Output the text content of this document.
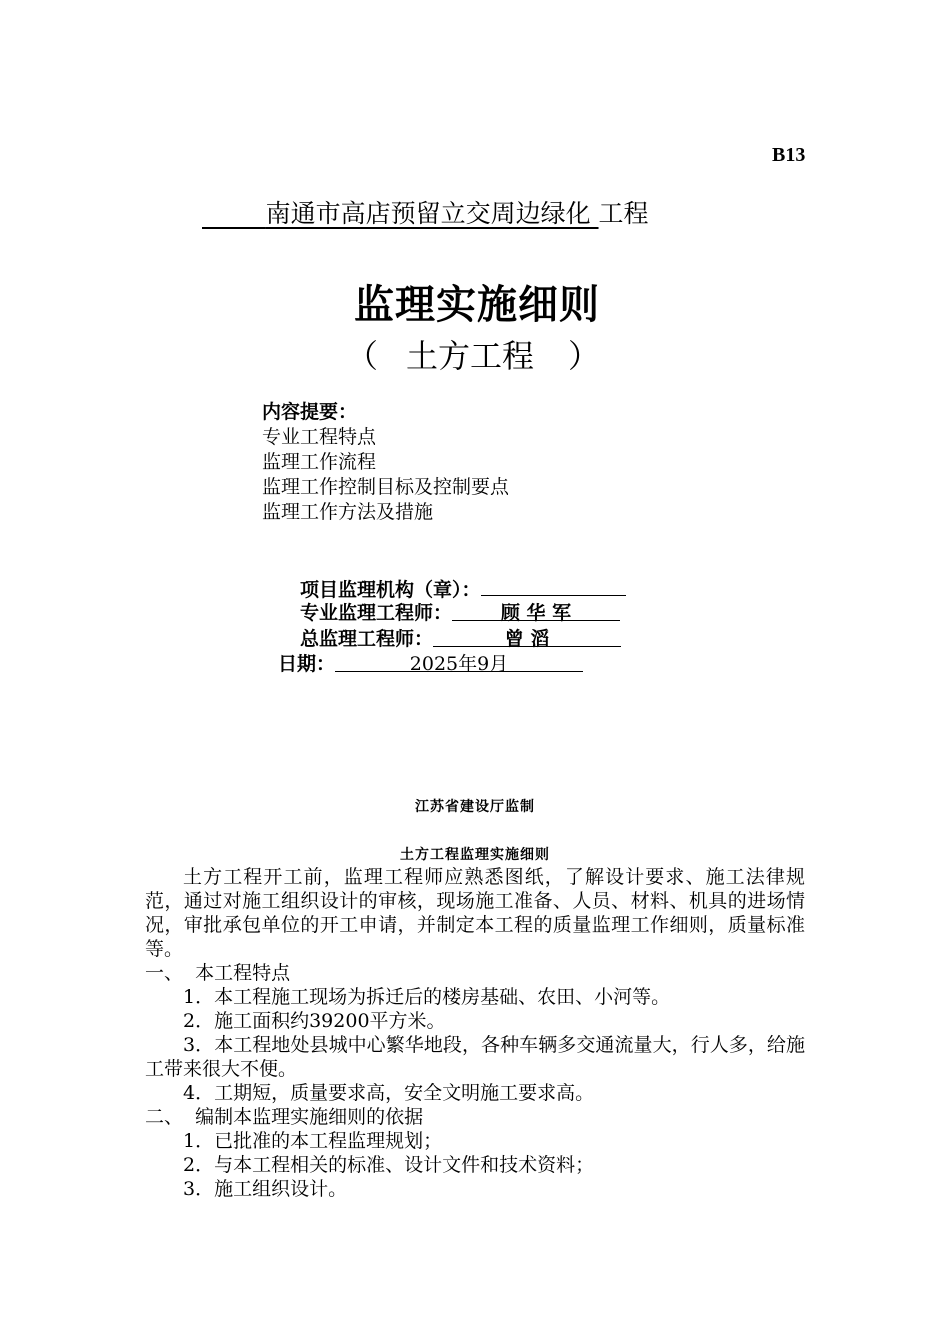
B13
南通市高店预留立交周边绿化 工程
监理实施细则
（ 土方工程 ）
内容提要：
专业工程特点
监理工作流程
监理工作控制目标及控制要点
监理工作方法及措施
项目监理机构（章）：
专业监理工程师：	顾 华 军
总监理工程师：	曾 滔
日期：	2025年9月
江苏省建设厅监制
土方工程监理实施细则

土方工程开工前，监理工程师应熟悉图纸，了解设计要求、施工法律规范，通过对施工组织设计的审核，现场施工准备、人员、材料、机具的进场情况，审批承包单位的开工申请，并制定本工程的质量监理工作细则，质量标准等。

一、  本工程特点

1．本工程施工现场为拆迁后的楼房基础、农田、小河等。

2．施工面积约39200平方米。

3．本工程地处县城中心繁华地段，各种车辆多交通流量大，行人多，给施工带来很大不便。

4．工期短，质量要求高，安全文明施工要求高。

二、  编制本监理实施细则的依据

1．已批准的本工程监理规划；

2．与本工程相关的标准、设计文件和技术资料；

3．施工组织设计。
